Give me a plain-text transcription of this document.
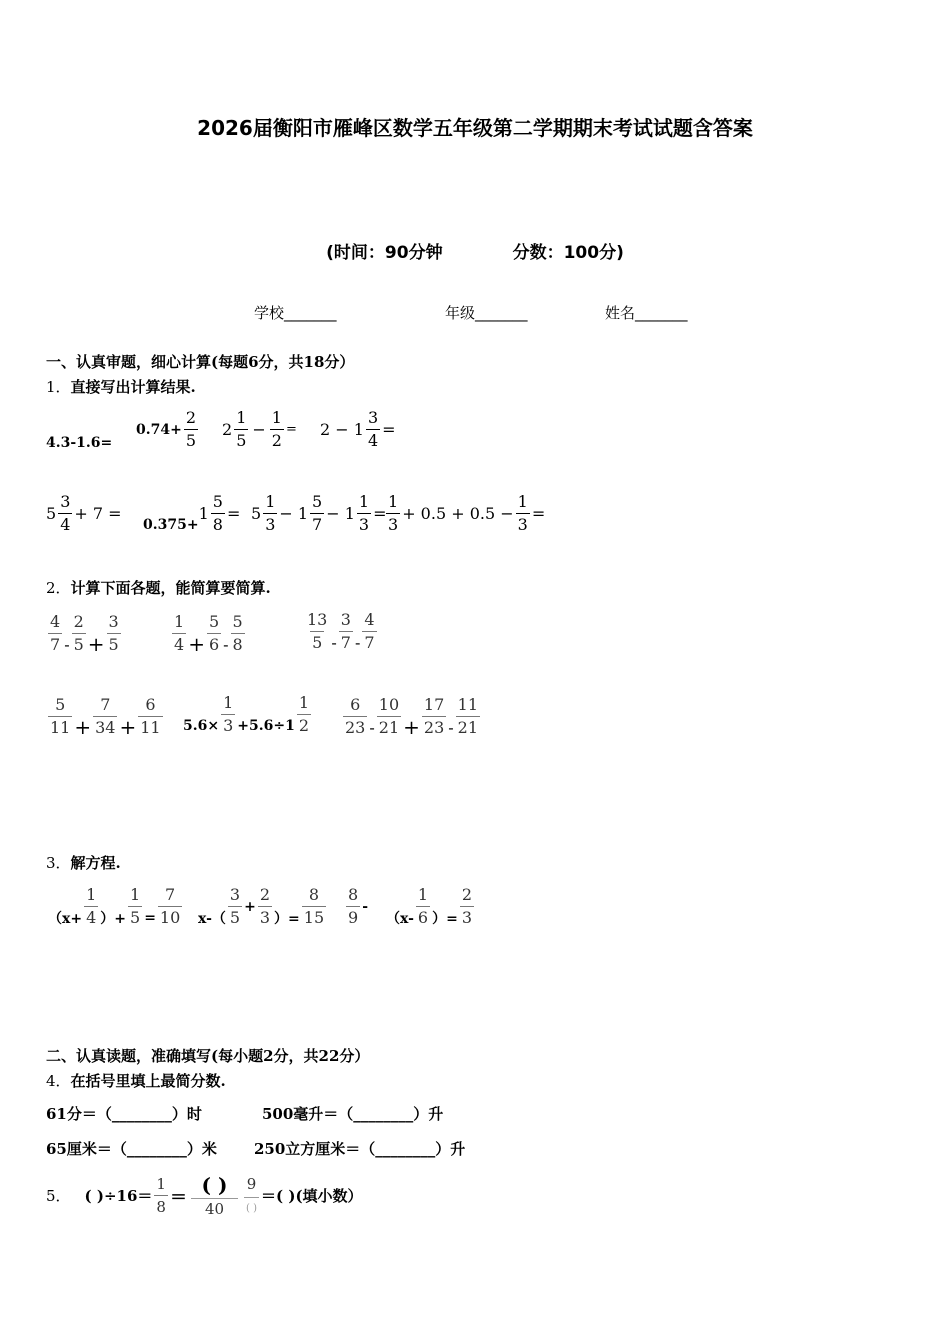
2026届衡阳市雁峰区数学五年级第二学期期末考试试题含答案
(时间：90分钟	分数：100分)
学校_______	年级_______	姓名_______
一、认真审题，细心计算(每题6分，共18分）
1．直接写出计算结果.
4.3-1.6=
$0.74+ \frac{2}{5} 2 \frac{1}{5} - \frac{1}{2} = 2 - 1 \frac{3}{4}$ =
$5 \frac{3}{4} + 7$ =
0.375+
$1 \frac{5}{8} = 5 \frac{1}{3} - 1 \frac{5}{7} - 1 \frac{1}{3} = \frac{1}{3} + 0.5 + 0.5 - \frac{1}{3}$ =
2．计算下面各题，能简算要简算.
$\frac{4}{7} - \frac{2}{5} + \frac{3}{5}$	$\frac{1}{4} + \frac{5}{6} - \frac{5}{8}$	$\frac{13}{5} - \frac{3}{7} - \frac{4}{7}$
$\frac{5}{11} + \frac{7}{34} + \frac{6}{11} 5.6\times \frac{1}{3} +5.6\div 1 \frac{1}{2} \frac{6}{23} - \frac{10}{21} + \frac{17}{23} - \frac{11}{21}$
3．解方程.
（$x+ \frac{1}{4}$ ）+ $\frac{1}{5} = \frac{7}{10} x-( \frac{3}{5} + \frac{2}{3}$ ）= $\frac{8}{15} \frac{8}{9}$ -
（$x- \frac{1}{6}$ ）= $\frac{2}{3}$
二、认真读题，准确填写(每小题2分，共22分）
4．在括号里填上最简分数.
61分＝（________）时	500毫升＝（________）升
65厘米＝（________）米 250立方厘米＝（________）升
5． ( )$\div 16= \frac{1}{8} = \frac{( )}{40} \frac{9}{( )}$ ＝( )(填小数）
